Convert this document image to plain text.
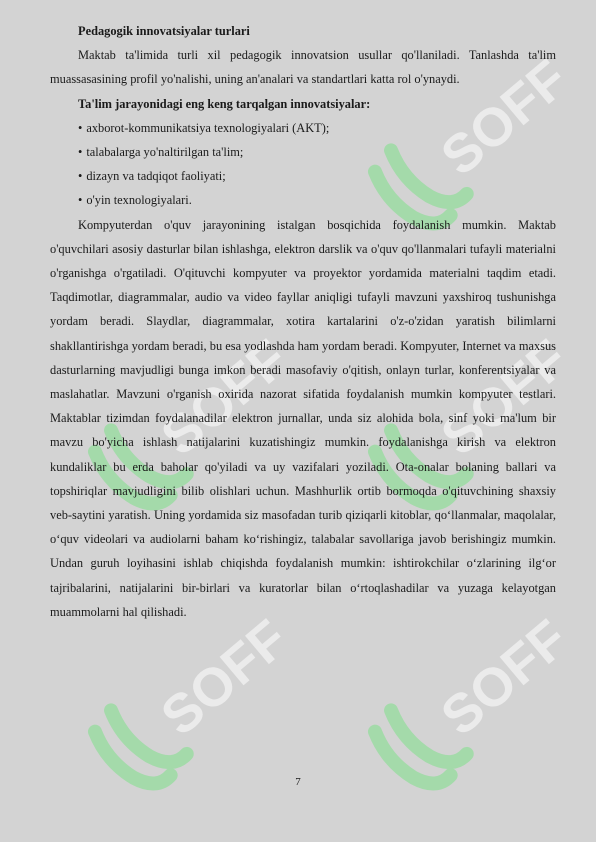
SOFF
SOFF SOFF
SOFF SOFF

Pedagogik innovatsiyalar turlari

Maktab ta'limida turli xil pedagogik innovatsion usullar qo'llaniladi. Tanlashda ta'lim muassasasining profil yo'nalishi, uning an'analari va standartlari katta rol o'ynaydi.

Ta'lim jarayonidagi eng keng tarqalgan innovatsiyalar:

• axborot-kommunikatsiya texnologiyalari (AKT);
• talabalarga yo'naltirilgan ta'lim;
• dizayn va tadqiqot faoliyati;
• o'yin texnologiyalari.

Kompyuterdan o'quv jarayonining istalgan bosqichida foydalanish mumkin. Maktab o'quvchilari asosiy dasturlar bilan ishlashga, elektron darslik va o'quv qo'llanmalari tufayli materialni o'rganishga o'rgatiladi. O'qituvchi kompyuter va proyektor yordamida materialni taqdim etadi. Taqdimotlar, diagrammalar, audio va video fayllar aniqligi tufayli mavzuni yaxshiroq tushunishga yordam beradi. Slaydlar, diagrammalar, xotira kartalarini o'z-o'zidan yaratish bilimlarni shakllantirishga yordam beradi, bu esa yodlashda ham yordam beradi. Kompyuter, Internet va maxsus dasturlarning mavjudligi bunga imkon beradi masofaviy o'qitish, onlayn turlar, konferentsiyalar va maslahatlar. Mavzuni o'rganish oxirida nazorat sifatida foydalanish mumkin kompyuter testlari. Maktablar tizimdan foydalanadilar elektron jurnallar, unda siz alohida bola, sinf yoki ma'lum bir mavzu bo'yicha ishlash natijalarini kuzatishingiz mumkin. foydalanishga kirish va elektron kundaliklar bu erda baholar qo'yiladi va uy vazifalari yoziladi. Ota-onalar bolaning ballari va topshiriqlar mavjudligini bilib olishlari uchun. Mashhurlik ortib bormoqda o'qituvchining shaxsiy veb-saytini yaratish. Uning yordamida siz masofadan turib qiziqarli kitoblar, qo‘llanmalar, maqolalar, o‘quv videolari va audiolarni baham ko‘rishingiz, talabalar savollariga javob berishingiz mumkin. Undan guruh loyihasini ishlab chiqishda foydalanish mumkin: ishtirokchilar o‘zlarining ilg‘or tajribalarini, natijalarini bir-birlari va kuratorlar bilan o‘rtoqlashadilar va yuzaga kelayotgan muammolarni hal qilishadi.

7
